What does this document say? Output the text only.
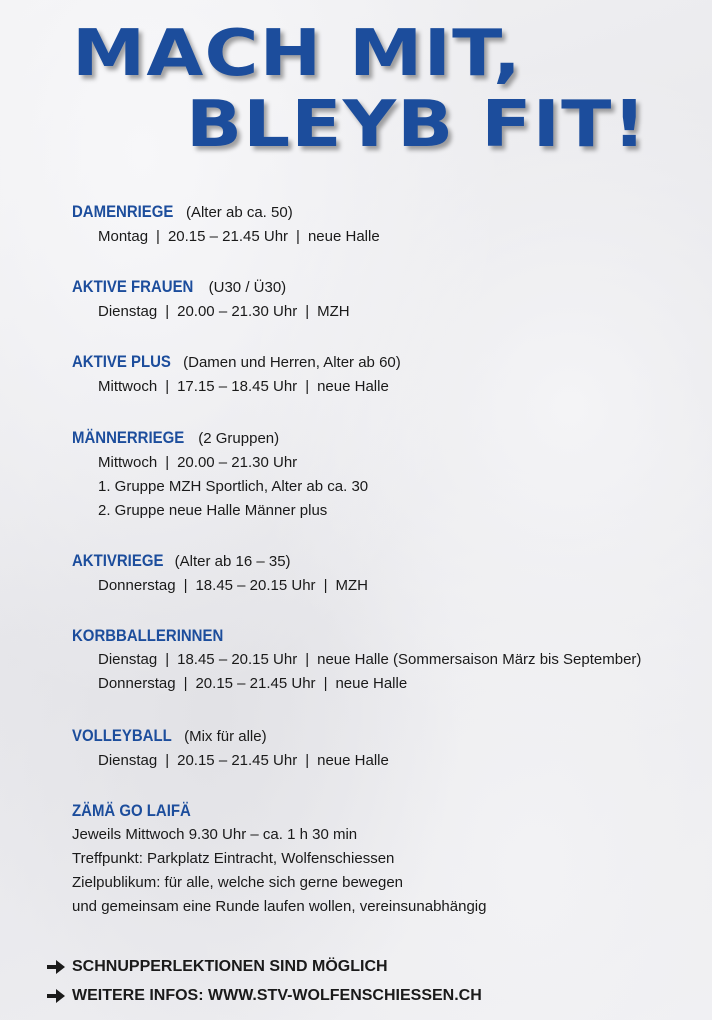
MACH MIT,
BLEYB FIT!
DAMENRIEGE (Alter ab ca. 50)
Montag | 20.15 – 21.45 Uhr | neue Halle
AKTIVE FRAUEN (U30 / Ü30)
Dienstag | 20.00 – 21.30 Uhr | MZH
AKTIVE PLUS (Damen und Herren, Alter ab 60)
Mittwoch | 17.15 – 18.45 Uhr | neue Halle
MÄNNERRIEGE (2 Gruppen)
Mittwoch | 20.00 – 21.30 Uhr
1. Gruppe MZH Sportlich, Alter ab ca. 30
2. Gruppe neue Halle Männer plus
AKTIVRIEGE (Alter ab 16 – 35)
Donnerstag | 18.45 – 20.15 Uhr | MZH
KORBBALLERINNEN
Dienstag | 18.45 – 20.15 Uhr | neue Halle (Sommersaison März bis September)
Donnerstag | 20.15 – 21.45 Uhr | neue Halle
VOLLEYBALL (Mix für alle)
Dienstag | 20.15 – 21.45 Uhr | neue Halle
ZÄMÄ GO LAIFÄ
Jeweils Mittwoch 9.30 Uhr – ca. 1 h 30 min
Treffpunkt: Parkplatz Eintracht, Wolfenschiessen
Zielpublikum: für alle, welche sich gerne bewegen
und gemeinsam eine Runde laufen wollen, vereinsunabhängig
SCHNUPPERLEKTIONEN SIND MÖGLICH
WEITERE INFOS: WWW.STV-WOLFENSCHIESSEN.CH
